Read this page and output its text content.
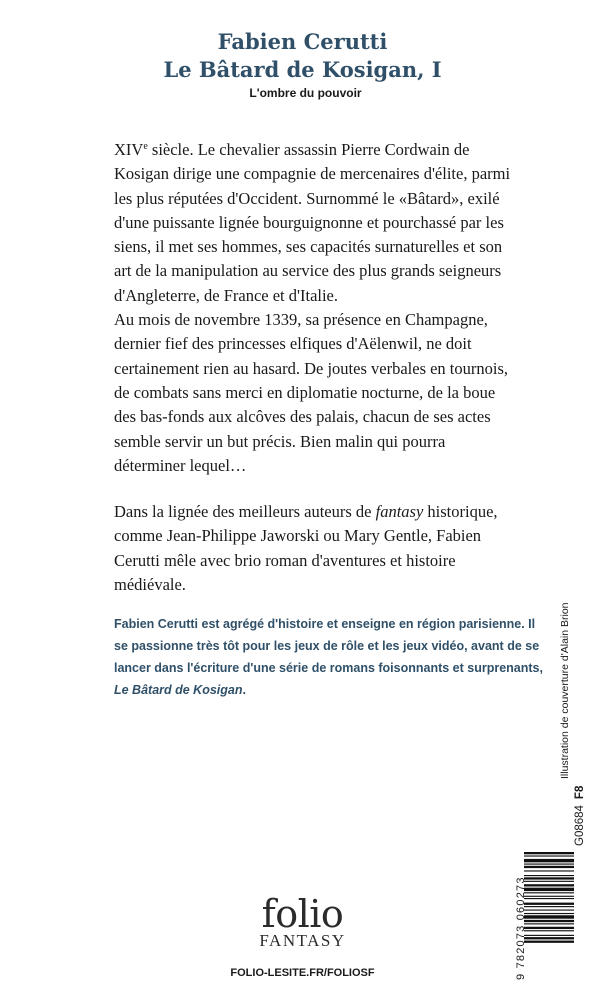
Fabien Cerutti
Le Bâtard de Kosigan, I
L'ombre du pouvoir

XIVe siècle. Le chevalier assassin Pierre Cordwain de Kosigan dirige une compagnie de mercenaires d'élite, parmi les plus réputées d'Occident. Surnommé le «Bâtard», exilé d'une puissante lignée bourguignonne et pourchassé par les siens, il met ses hommes, ses capacités surnaturelles et son art de la manipulation au service des plus grands seigneurs d'Angleterre, de France et d'Italie.

Au mois de novembre 1339, sa présence en Champagne, dernier fief des princesses elfiques d'Aëlenwil, ne doit certainement rien au hasard. De joutes verbales en tournois, de combats sans merci en diplomatie nocturne, de la boue des bas-fonds aux alcôves des palais, chacun de ses actes semble servir un but précis. Bien malin qui pourra déterminer lequel…

Dans la lignée des meilleurs auteurs de fantasy historique, comme Jean-Philippe Jaworski ou Mary Gentle, Fabien Cerutti mêle avec brio roman d'aventures et histoire médiévale.

Fabien Cerutti est agrégé d'histoire et enseigne en région parisienne. Il se passionne très tôt pour les jeux de rôle et les jeux vidéo, avant de se lancer dans l'écriture d'une série de romans foisonnants et surprenants, Le Bâtard de Kosigan.	Illustration de couverture d'Alain Brion
G08684F8
9 782073 060273
folio
FANTASY
FOLIO-LESITE.FR/FOLIOSF
